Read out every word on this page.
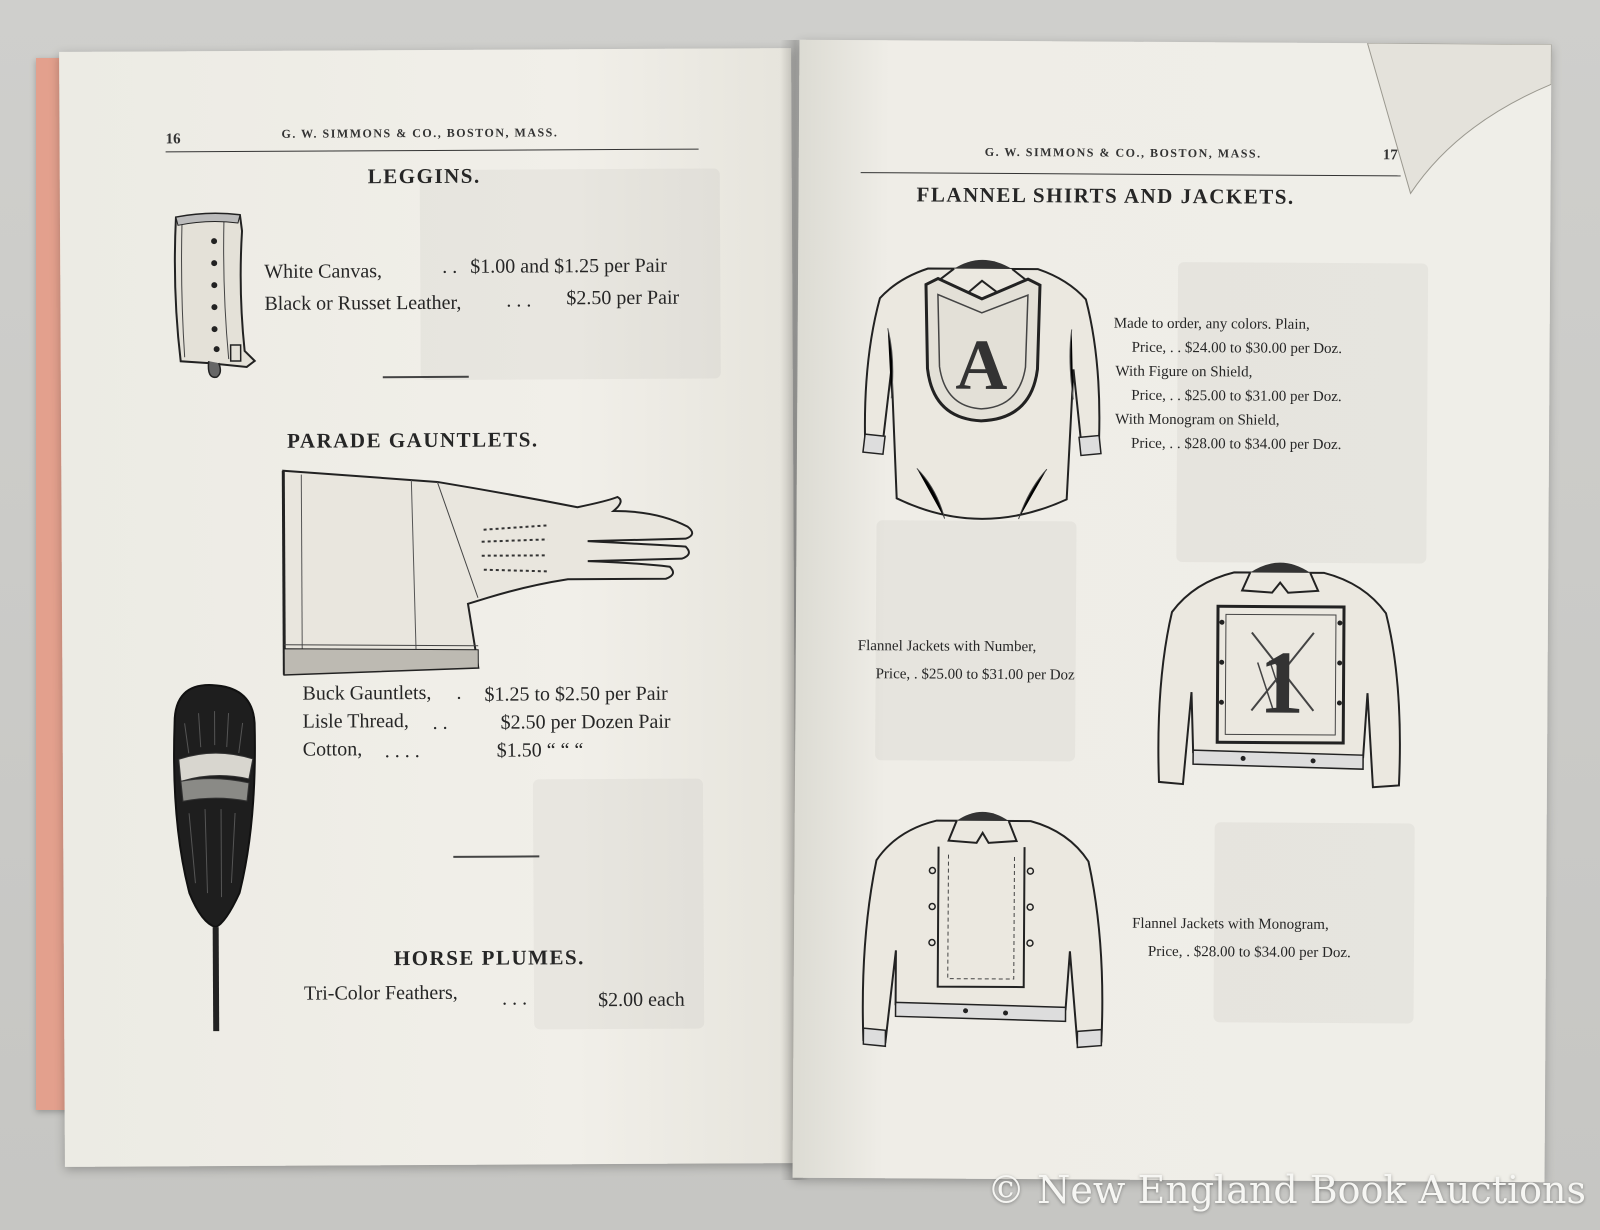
16	G. W. SIMMONS & CO., BOSTON, MASS.
LEGGINS.
White Canvas,	. . $1.00 and $1.25 per Pair
Black or Russet Leather, . . . $2.50 per Pair
PARADE GAUNTLETS.
Buck Gauntlets, . $1.25 to $2.50 per Pair
Lisle Thread, . .	$2.50 per Dozen Pair
Cotton, . . . .	$1.50 “ “ “
HORSE PLUMES.
Tri-Color Feathers, . . .	$2.00 each
G. W. SIMMONS & CO., BOSTON, MASS.	17
FLANNEL SHIRTS AND JACKETS.
A
Made to order, any colors. Plain,
Price, . . $24.00 to $30.00 per Doz.
With Figure on Shield,
Price, . . $25.00 to $31.00 per Doz.
With Monogram on Shield,
Price, . . $28.00 to $34.00 per Doz.
1
Flannel Jackets with Number,
Price, . $25.00 to $31.00 per Doz
Flannel Jackets with Monogram,
Price, . $28.00 to $34.00 per Doz.
© New England Book Auctions
